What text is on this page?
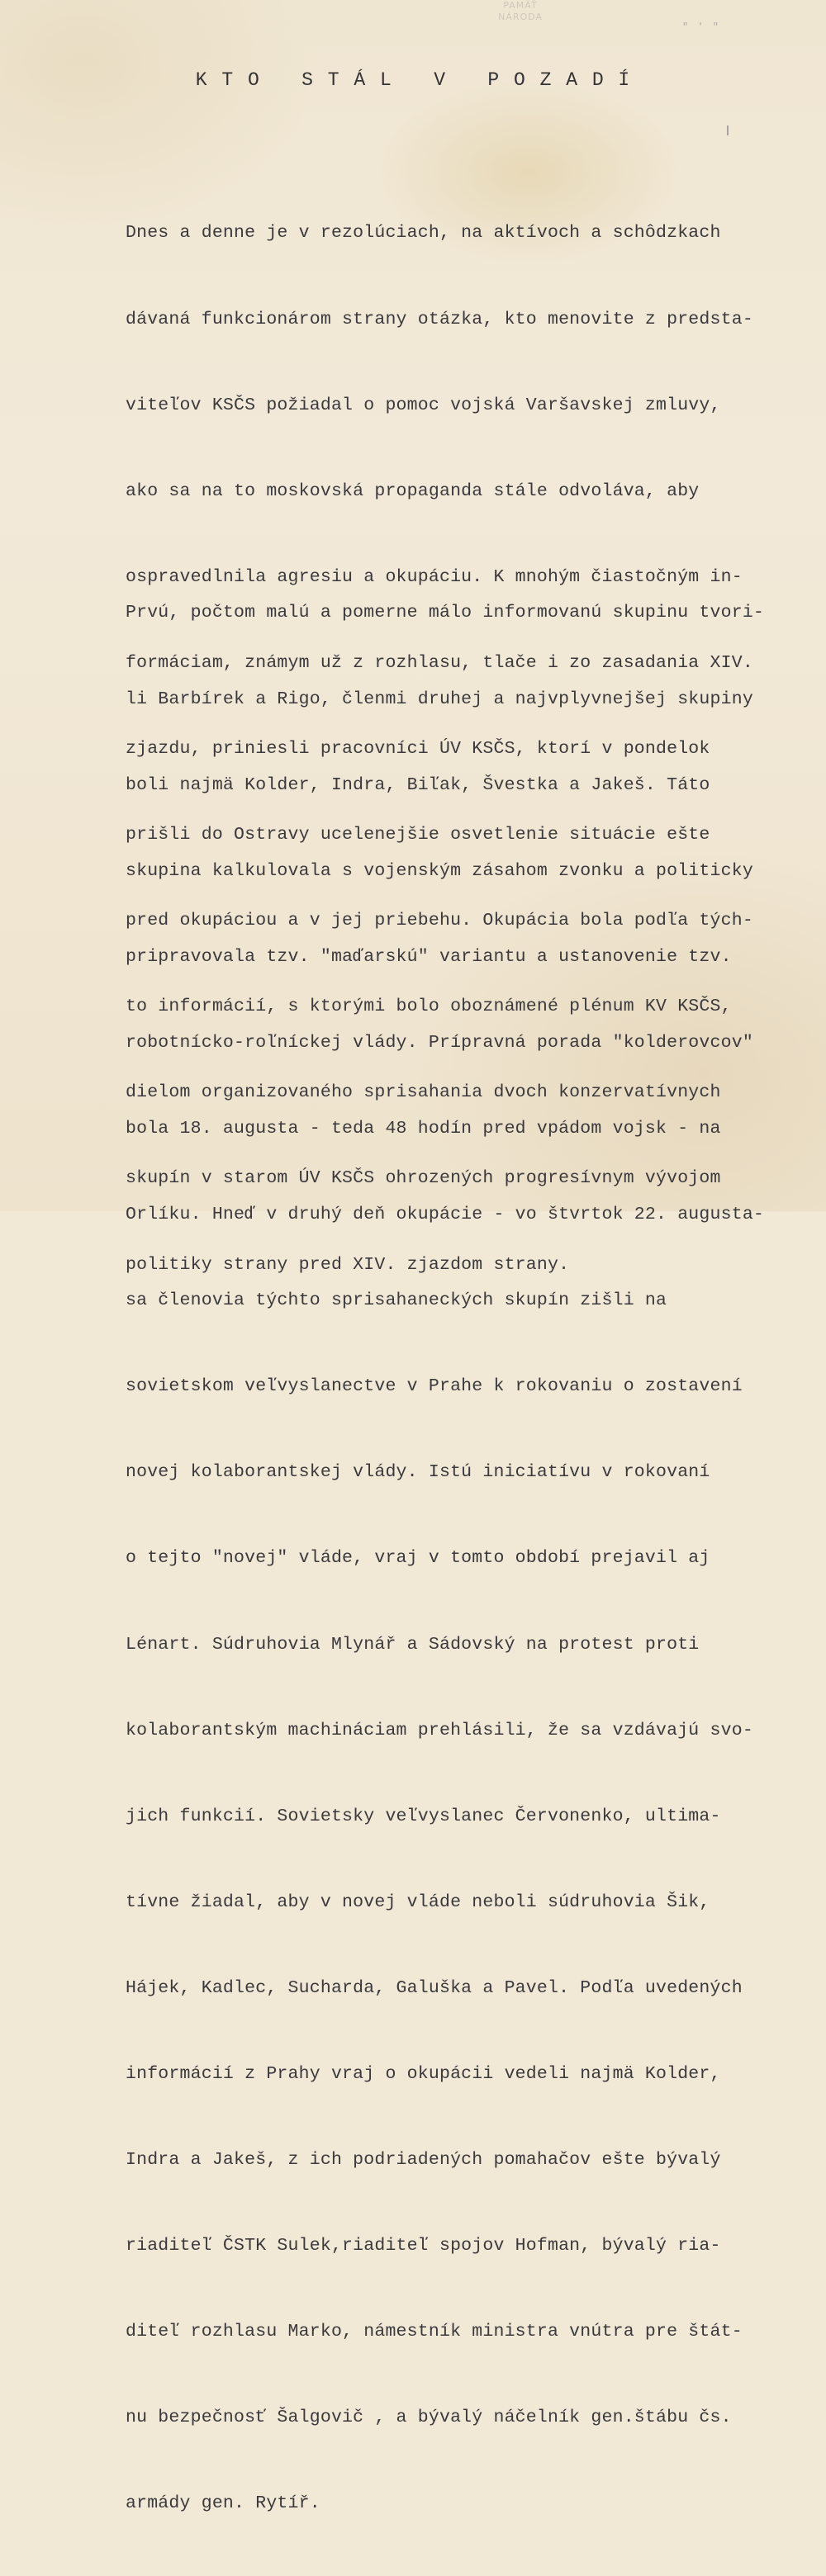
PAMÄŤ
NÁRODA
" ' "
K T O   S T Á L   V   P O Z A D Í

Dnes a denne je v rezolúciach, na aktívoch a schôdzkach

dávaná funkcionárom strany otázka, kto menovite z predsta-

viteľov KSČS požiadal o pomoc vojská Varšavskej zmluvy,

ako sa na to moskovská propaganda stále odvoláva, aby

ospravedlnila agresiu a okupáciu. K mnohým čiastočným in-

formáciam, známym už z rozhlasu, tlače i zo zasadania XIV.

zjazdu, priniesli pracovníci ÚV KSČS, ktorí v pondelok

prišli do Ostravy ucelenejšie osvetlenie situácie ešte

pred okupáciou a v jej priebehu. Okupácia bola podľa tých-

to informácií, s ktorými bolo oboznámené plénum KV KSČS,

dielom organizovaného sprisahania dvoch konzervatívnych

skupín v starom ÚV KSČS ohrozených progresívnym vývojom

politiky strany pred XIV. zjazdom strany.

Prvú, počtom malú a pomerne málo informovanú skupinu tvori-

li Barbírek a Rigo, členmi druhej a najvplyvnejšej skupiny

boli najmä Kolder, Indra, Biľak, Švestka a Jakeš. Táto

skupina kalkulovala s vojenským zásahom zvonku a politicky

pripravovala tzv. "maďarskú" variantu a ustanovenie tzv.

robotnícko-roľníckej vlády. Prípravná porada "kolderovcov"

bola 18. augusta - teda 48 hodín pred vpádom vojsk - na

Orlíku. Hneď v druhý deň okupácie - vo štvrtok 22. augusta-

sa členovia týchto sprisahaneckých skupín zišli na

sovietskom veľvyslanectve v Prahe k rokovaniu o zostavení

novej kolaborantskej vlády. Istú iniciatívu v rokovaní

o tejto "novej" vláde, vraj v tomto období prejavil aj

Lénart. Súdruhovia Mlynář a Sádovský na protest proti

kolaborantským machináciam prehlásili, že sa vzdávajú svo-

jich funkcií. Sovietsky veľvyslanec Červonenko, ultima-

tívne žiadal, aby v novej vláde neboli súdruhovia Šik,

Hájek, Kadlec, Sucharda, Galuška a Pavel. Podľa uvedených

informácií z Prahy vraj o okupácii vedeli najmä Kolder,

Indra a Jakeš, z ich podriadených pomahačov ešte bývalý

riaditeľ ČSTK Sulek,riaditeľ spojov Hofman, bývalý ria-

diteľ rozhlasu Marko, námestník ministra vnútra pre štát-

nu bezpečnosť Šalgovič , a bývalý náčelník gen.štábu čs.

armády gen. Rytíř.
